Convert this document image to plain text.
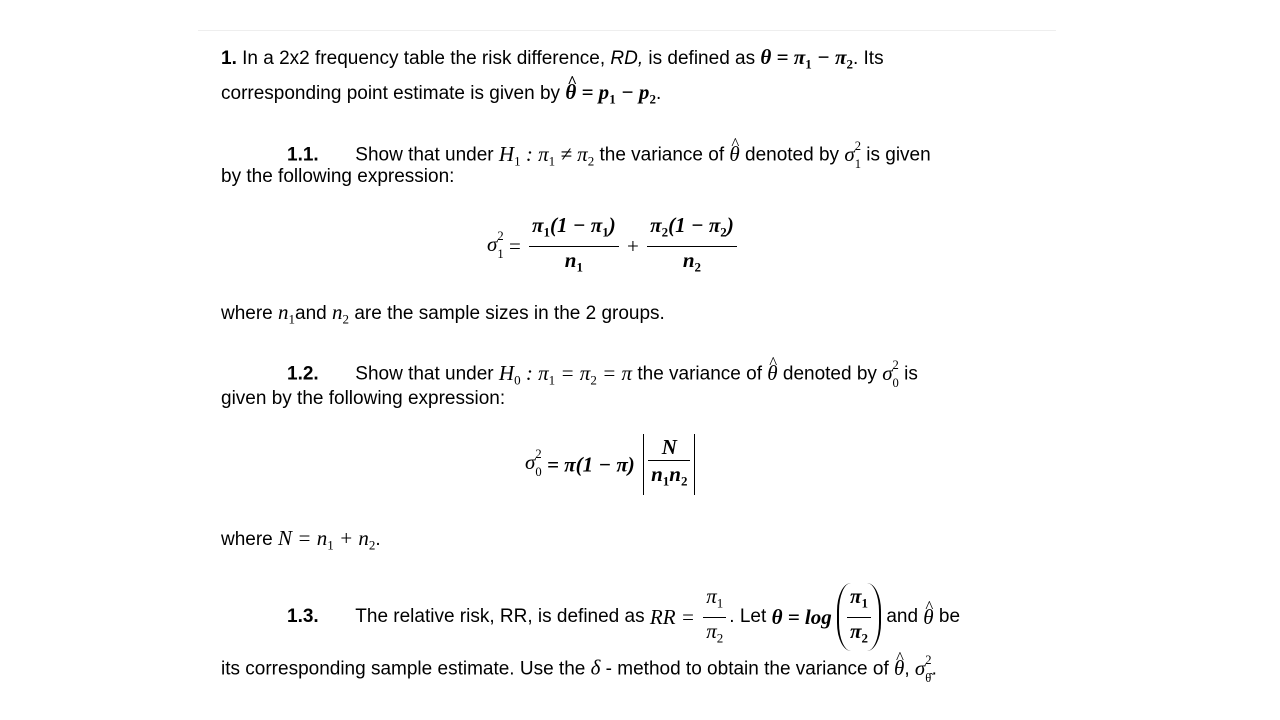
1. In a 2x2 frequency table the risk difference, RD, is defined as $\theta = \pi_1 - \pi_2$. Its
corresponding point estimate is given by ^ $\theta = p_1 - p_2$.
1.1. Show that under $H_1$ : $\pi_1 \ne \pi_2$ the variance of ^ θ denoted by σ 2
1 is given
by the following expression:
σ 2
$1 = \frac{\pi_1(1 - \pi_1)}{n_1} + \frac{\pi_2(1 - \pi_2)}{n_2}$
where $n_1and$ $n_2$ are the sample sizes in the 2 groups.
1.2. Show that under $H_0$ : $\pi_1 = \pi_2 = \pi$ the variance of ^ θ denoted by σ 2
0 is
given by the following expression:
σ 2
$0 = \pi(1 - \pi) \frac{N}{n_1n_2}$
where $N = n_1 + n_2$.
1.3. The relative risk, RR, is defined as RR = $\frac{\pi_1}{\pi_2}$ . Let $\theta = \log \frac{\pi_1}{\pi_2}$ and ^ θ be
its corresponding sample estimate. Use the δ - method to obtain the variance of ^ θ, σ 2
θ̂ .
